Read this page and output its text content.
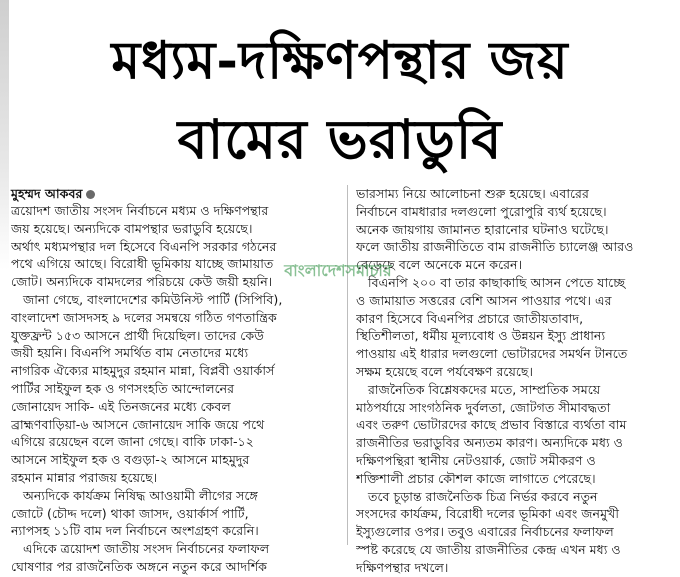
মধ্যম-দক্ষিণপন্থার জয়
বামের ভরাডুবি
মুহম্মদ আকবর
ত্রয়োদশ জাতীয় সংসদ নির্বাচনে মধ্যম ও দক্ষিণপন্থার
জয় হয়েছে। অন্যদিকে বামপন্থার ভরাডুবি হয়েছে।
অর্থাৎ মধ্যমপন্থার দল হিসেবে বিএনপি সরকার গঠনের
পথে এগিয়ে আছে। বিরোধী ভূমিকায় যাচ্ছে জামায়াত
জোট। অন্যদিকে বামদলের পরিচয়ে কেউ জয়ী হয়নি।
জানা গেছে, বাংলাদেশের কমিউনিস্ট পার্টি (সিপিবি),
বাংলাদেশ জাসদসহ ৯ দলের সমন্বয়ে গঠিত গণতান্ত্রিক
যুক্তফ্রন্ট ১৫৩ আসনে প্রার্থী দিয়েছিল। তাদের কেউ
জয়ী হয়নি। বিএনপি সমর্থিত বাম নেতাদের মধ্যে
নাগরিক ঐক্যের মাহমুদুর রহমান মান্না, বিপ্লবী ওয়ার্কার্স
পার্টির সাইফুল হক ও গণসংহতি আন্দোলনের
জোনায়েদ সাকি- এই তিনজনের মধ্যে কেবল
ব্রাহ্মণবাড়িয়া-৬ আসনে জোনায়েদ সাকি জয়ে পথে
এগিয়ে রয়েছেন বলে জানা গেছে। বাকি ঢাকা-১২
আসনে সাইফুল হক ও বগুড়া-২ আসনে মাহমুদুর
রহমান মান্নার পরাজয় হয়েছে।
অন্যদিকে কার্যক্রম নিষিদ্ধ আওয়ামী লীগের সঙ্গে
জোটে (চৌদ্দ দলে) থাকা জাসদ, ওয়ার্কার্স পার্টি,
ন্যাপসহ ১১টি বাম দল নির্বাচনে অংশগ্রহণ করেনি।
এদিকে ত্রয়োদশ জাতীয় সংসদ নির্বাচনের ফলাফল
ঘোষণার পর রাজনৈতিক অঙ্গনে নতুন করে আদর্শিক
ভারসাম্য নিয়ে আলোচনা শুরু হয়েছে। এবারের
নির্বাচনে বামধারার দলগুলো পুরোপুরি ব্যর্থ হয়েছে।
অনেক জায়গায় জামানত হারানোর ঘটনাও ঘটেছে।
ফলে জাতীয় রাজনীতিতে বাম রাজনীতি চ্যালেঞ্জ আরও
বেড়েছে বলে অনেকে মনে করেন।
বিএনপি ২০০ বা তার কাছাকাছি আসন পেতে যাচ্ছে
ও জামায়াত সত্তরের বেশি আসন পাওয়ার পথে। এর
কারণ হিসেবে বিএনপির প্রচারে জাতীয়তাবাদ,
স্থিতিশীলতা, ধর্মীয় মূল্যবোধ ও উন্নয়ন ইস্যু প্রাধান্য
পাওয়ায় এই ধারার দলগুলো ভোটারদের সমর্থন টানতে
সক্ষম হয়েছে বলে পর্যবেক্ষণ রয়েছে।
রাজনৈতিক বিশ্লেষকদের মতে, সাম্প্রতিক সময়ে
মাঠপর্যায়ে সাংগঠনিক দুর্বলতা, জোটগত সীমাবদ্ধতা
এবং তরুণ ভোটারদের কাছে প্রভাব বিস্তারে ব্যর্থতা বাম
রাজনীতির ভরাডুবির অন্যতম কারণ। অন্যদিকে মধ্য ও
দক্ষিণপন্থিরা স্থানীয় নেটওয়ার্ক, জোট সমীকরণ ও
শক্তিশালী প্রচার কৌশল কাজে লাগাতে পেরেছে।
তবে চূড়ান্ত রাজনৈতিক চিত্র নির্ভর করবে নতুন
সংসদের কার্যক্রম, বিরোধী দলের ভূমিকা এবং জনমুখী
ইস্যুগুলোর ওপর। তবুও এবারের নির্বাচনের ফলাফল
স্পষ্ট করেছে যে জাতীয় রাজনীতির কেন্দ্র এখন মধ্য ও
দক্ষিণপন্থার দখলে।
বাংলাদেশসমাচার
